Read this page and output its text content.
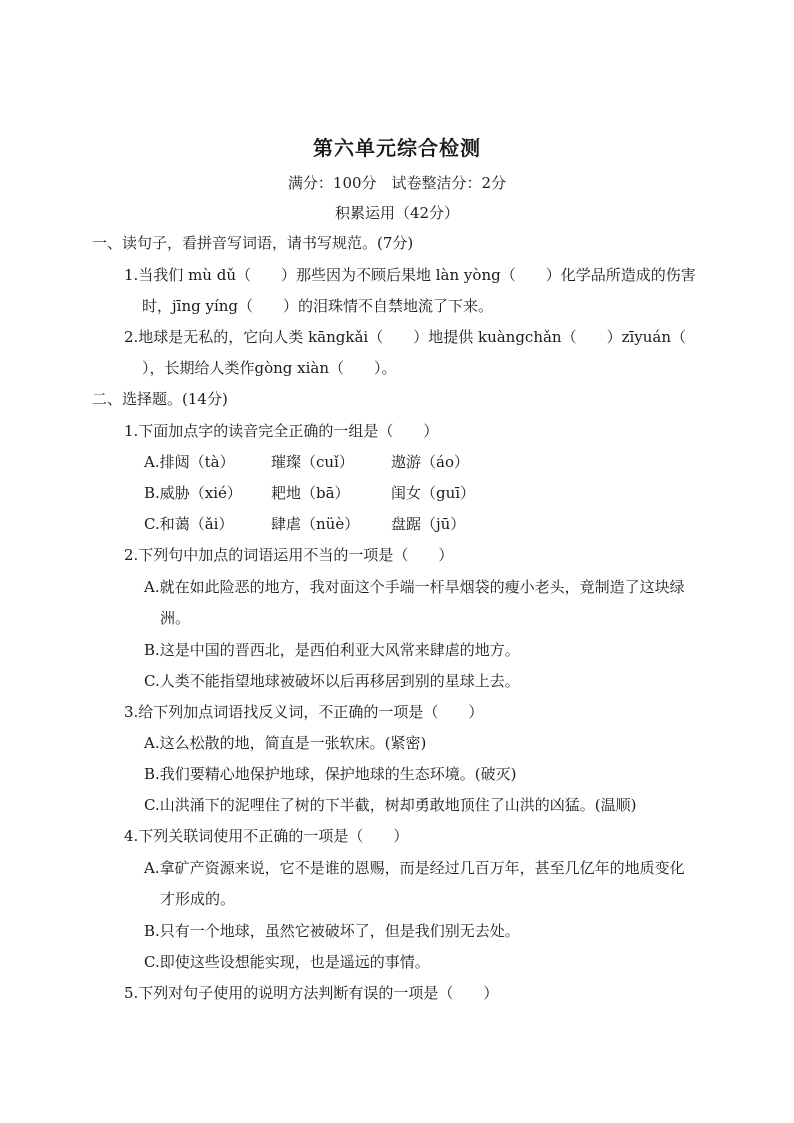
第六单元综合检测
满分：100分　试卷整洁分：2分
积累运用（42分）
一、读句子，看拼音写词语，请书写规范。(7分)
1.当我们 mù dǔ（　　）那些因为不顾后果地 làn yòng（　　）化学品所造成的伤害
时，jīng yíng（　　）的泪珠情不自禁地流了下来。
2.地球是无私的，它向人类 kāngkǎi（　　）地提供 kuàngchǎn（　　）zīyuán（
），长期给人类作gòng xiàn（　　）。
二、选择题。(14分)
1.下面加点字的读音完全正确的一组是（　　）
A.排闼（tà） 璀璨（cuǐ） 遨游（áo）
B.威胁（xié） 耙地（bā）	闺女（guī）
C.和蔼（ǎi）	肆虐（nüè） 盘踞（jū）
2.下列句中加点的词语运用不当的一项是（　　）
A.就在如此险恶的地方，我对面这个手端一杆旱烟袋的瘦小老头，竟制造了这块绿
洲。
B.这是中国的晋西北，是西伯利亚大风常来肆虐的地方。
C.人类不能指望地球被破坏以后再移居到别的星球上去。
3.给下列加点词语找反义词，不正确的一项是（　　）
A.这么松散的地，简直是一张软床。(紧密)
B.我们要精心地保护地球，保护地球的生态环境。(破灭)
C.山洪涌下的泥哩住了树的下半截，树却勇敢地顶住了山洪的凶猛。(温顺)
4.下列关联词使用不正确的一项是（　　）
A.拿矿产资源来说，它不是谁的恩赐，而是经过几百万年，甚至几亿年的地质变化
才形成的。
B.只有一个地球，虽然它被破坏了，但是我们别无去处。
C.即使这些设想能实现，也是遥远的事情。
5.下列对句子使用的说明方法判断有误的一项是（　　）
